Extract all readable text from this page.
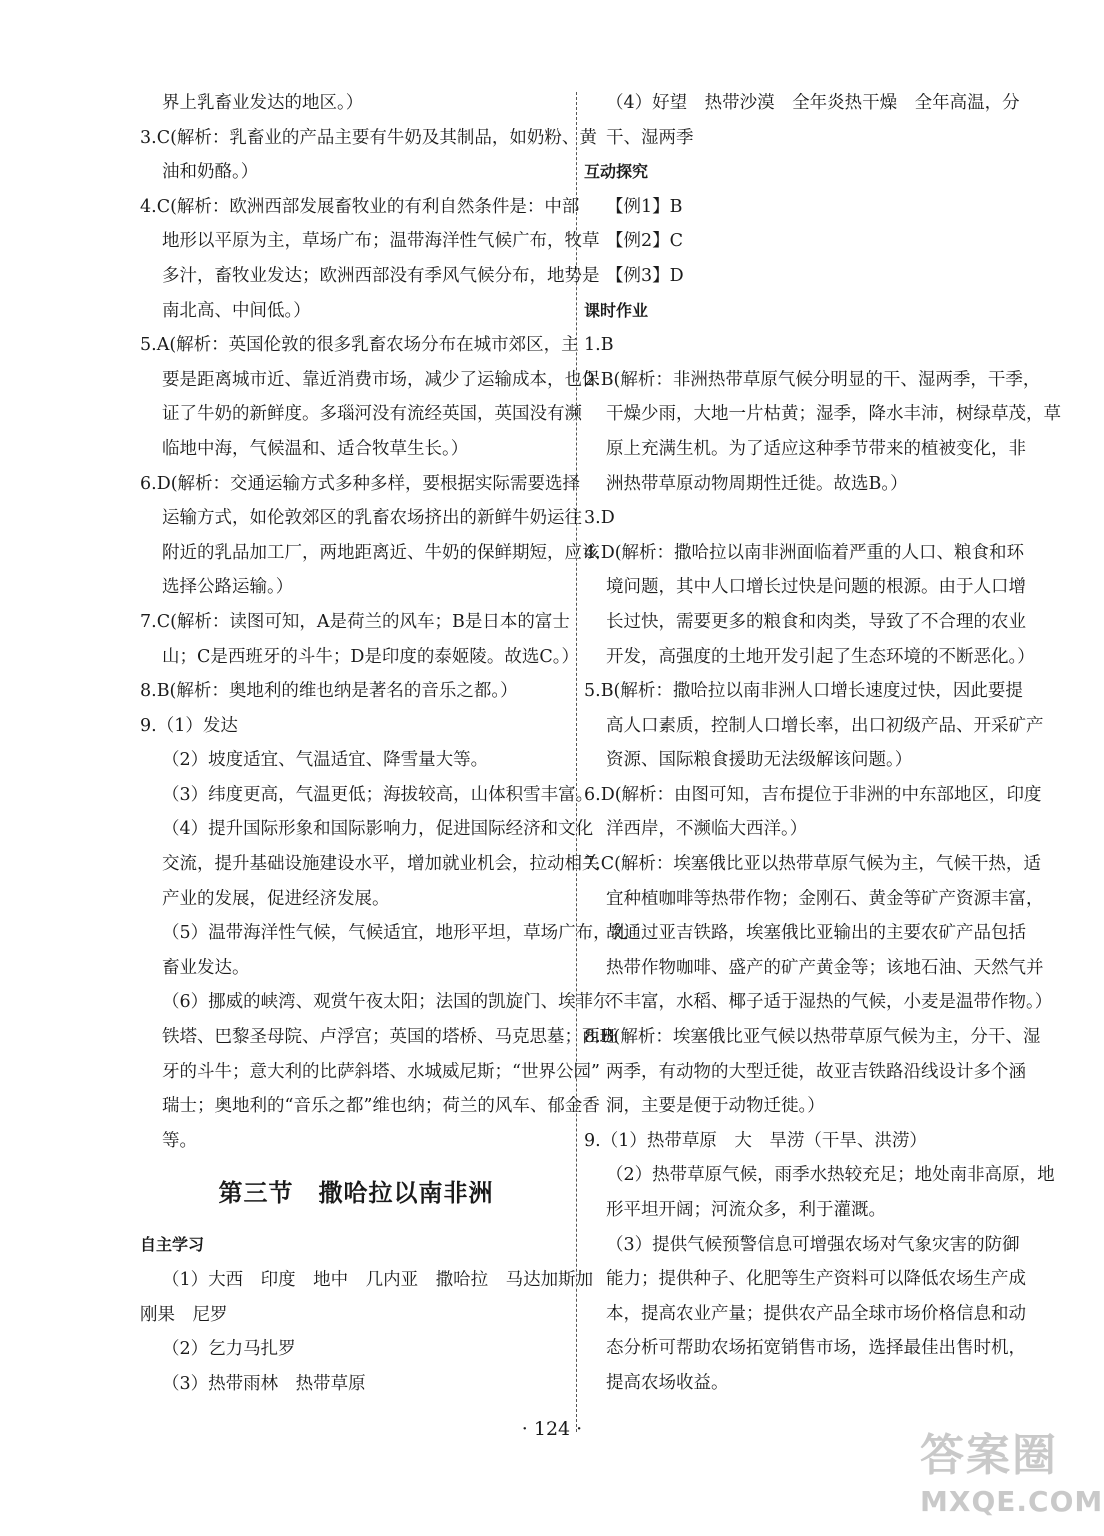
界上乳畜业发达的地区。）
3.C(解析：乳畜业的产品主要有牛奶及其制品，如奶粉、黄
油和奶酪。）
4.C(解析：欧洲西部发展畜牧业的有利自然条件是：中部
地形以平原为主，草场广布；温带海洋性气候广布，牧草
多汁，畜牧业发达；欧洲西部没有季风气候分布，地势是
南北高、中间低。）
5.A(解析：英国伦敦的很多乳畜农场分布在城市郊区，主
要是距离城市近、靠近消费市场，减少了运输成本，也保
证了牛奶的新鲜度。多瑙河没有流经英国，英国没有濒
临地中海，气候温和、适合牧草生长。）
6.D(解析：交通运输方式多种多样，要根据实际需要选择
运输方式，如伦敦郊区的乳畜农场挤出的新鲜牛奶运往
附近的乳品加工厂，两地距离近、牛奶的保鲜期短，应该
选择公路运输。）
7.C(解析：读图可知，A是荷兰的风车；B是日本的富士
山；C是西班牙的斗牛；D是印度的泰姬陵。故选C。）
8.B(解析：奥地利的维也纳是著名的音乐之都。）
9.（1）发达
（2）坡度适宜、气温适宜、降雪量大等。
（3）纬度更高，气温更低；海拔较高，山体积雪丰富。
（4）提升国际形象和国际影响力，促进国际经济和文化
交流，提升基础设施建设水平，增加就业机会，拉动相关
产业的发展，促进经济发展。
（5）温带海洋性气候，气候适宜，地形平坦，草场广布，乳
畜业发达。
（6）挪威的峡湾、观赏午夜太阳；法国的凯旋门、埃菲尔
铁塔、巴黎圣母院、卢浮宫；英国的塔桥、马克思墓；西班
牙的斗牛；意大利的比萨斜塔、水城威尼斯；“世界公园”
瑞士；奥地利的“音乐之都”维也纳；荷兰的风车、郁金香
等。
第三节　撒哈拉以南非洲
自主学习
（1）大西　印度　地中　几内亚　撒哈拉　马达加斯加
刚果　尼罗
（2）乞力马扎罗
（3）热带雨林　热带草原
（4）好望　热带沙漠　全年炎热干燥　全年高温，分
干、湿两季
互动探究
【例1】B
【例2】C
【例3】D
课时作业
1.B
2.B(解析：非洲热带草原气候分明显的干、湿两季，干季，
干燥少雨，大地一片枯黄；湿季，降水丰沛，树绿草茂，草
原上充满生机。为了适应这种季节带来的植被变化，非
洲热带草原动物周期性迁徙。故选B。）
3.D
4.D(解析：撒哈拉以南非洲面临着严重的人口、粮食和环
境问题，其中人口增长过快是问题的根源。由于人口增
长过快，需要更多的粮食和肉类，导致了不合理的农业
开发，高强度的土地开发引起了生态环境的不断恶化。）
5.B(解析：撒哈拉以南非洲人口增长速度过快，因此要提
高人口素质，控制人口增长率，出口初级产品、开采矿产
资源、国际粮食援助无法级解该问题。）
6.D(解析：由图可知，吉布提位于非洲的中东部地区，印度
洋西岸，不濒临大西洋。）
7.C(解析：埃塞俄比亚以热带草原气候为主，气候干热，适
宜种植咖啡等热带作物；金刚石、黄金等矿产资源丰富，
故通过亚吉铁路，埃塞俄比亚输出的主要农矿产品包括
热带作物咖啡、盛产的矿产黄金等；该地石油、天然气并
不丰富，水稻、椰子适于湿热的气候，小麦是温带作物。）
8.B(解析：埃塞俄比亚气候以热带草原气候为主，分干、湿
两季，有动物的大型迁徙，故亚吉铁路沿线设计多个涵
洞，主要是便于动物迁徙。）
9.（1）热带草原　大　旱涝（干旱、洪涝）
（2）热带草原气候，雨季水热较充足；地处南非高原，地
形平坦开阔；河流众多，利于灌溉。
（3）提供气候预警信息可增强农场对气象灾害的防御
能力；提供种子、化肥等生产资料可以降低农场生产成
本，提高农业产量；提供农产品全球市场价格信息和动
态分析可帮助农场拓宽销售市场，选择最佳出售时机，
提高农场收益。
· 124 ·
答案圈
MXQE.COM
